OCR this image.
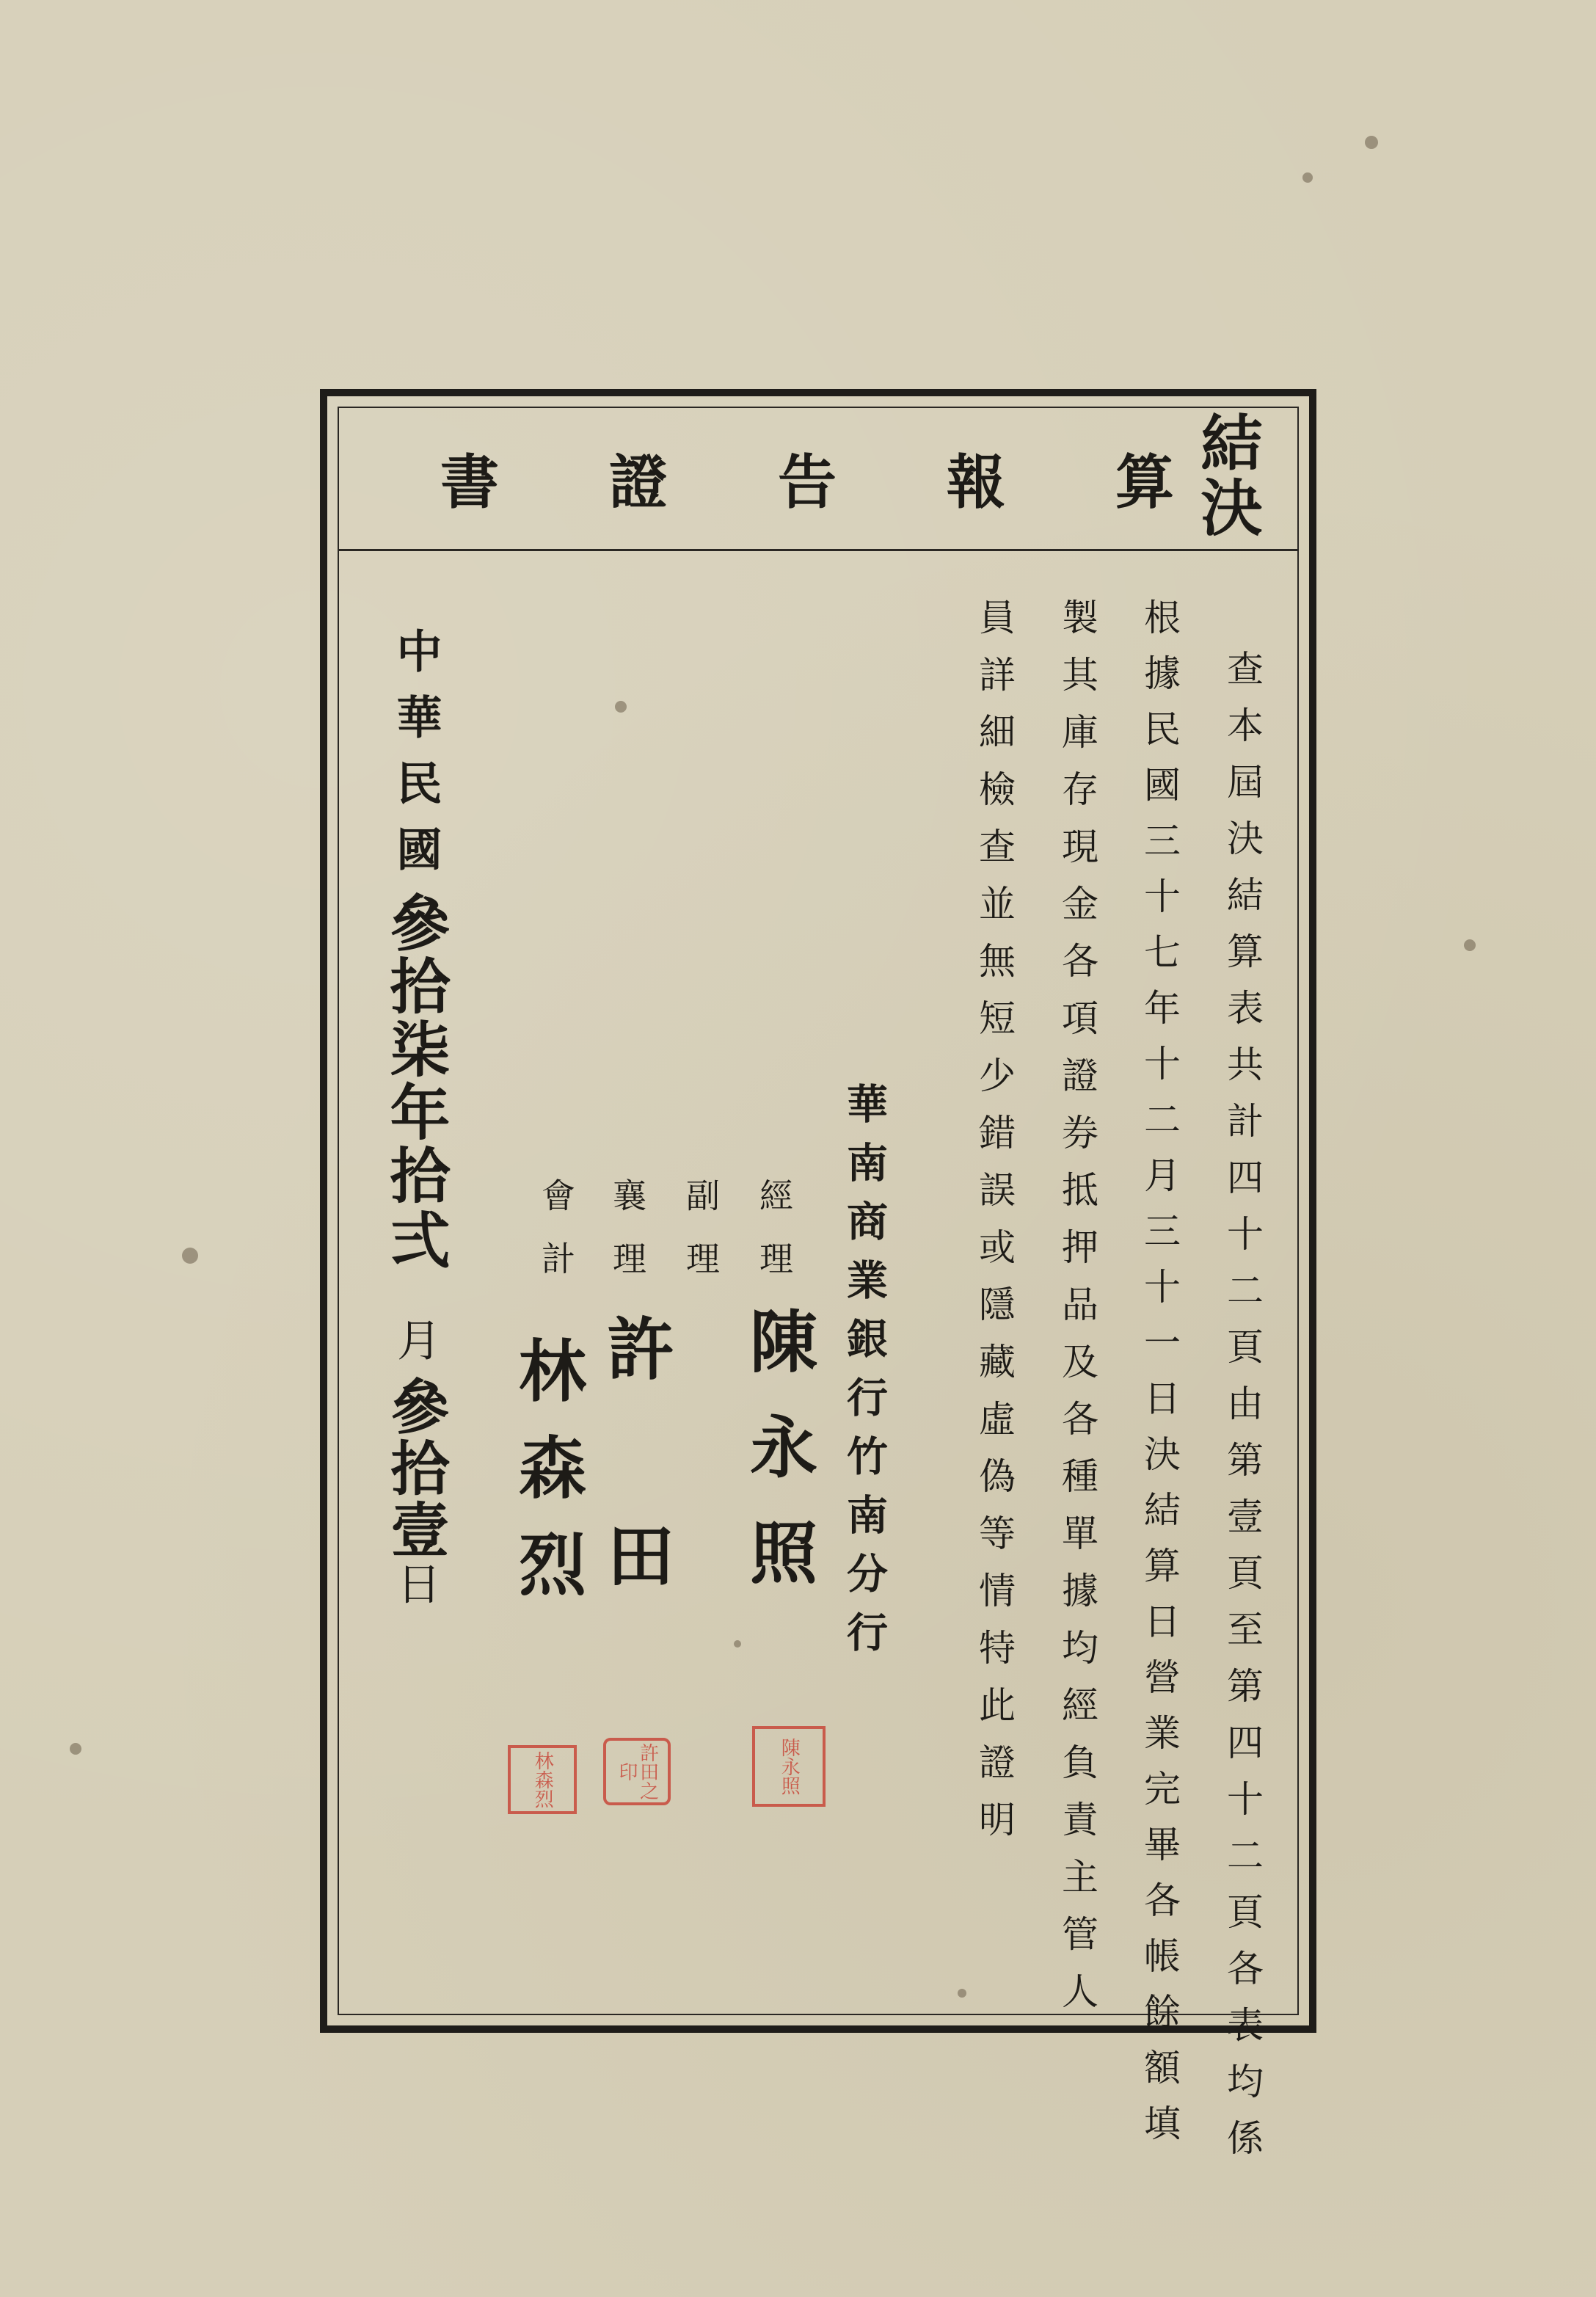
書 證 告 報 算 結決
查本屆決結算表共計四十二頁由第壹頁至第四十二頁各表均係
根據民國三十七年十二月三十一日決結算日營業完畢各帳餘額填
製其庫存現金各項證券抵押品及各種單據均經負責主管人
員詳細檢查並無短少錯誤或隱藏虛偽等情特此證明
華南商業銀行竹南分行
經理
副理
襄理
會計
陳永照
許田
林森烈
陳永照
許田之印
林森烈
中華民國參拾柒年拾弍月參拾壹日
